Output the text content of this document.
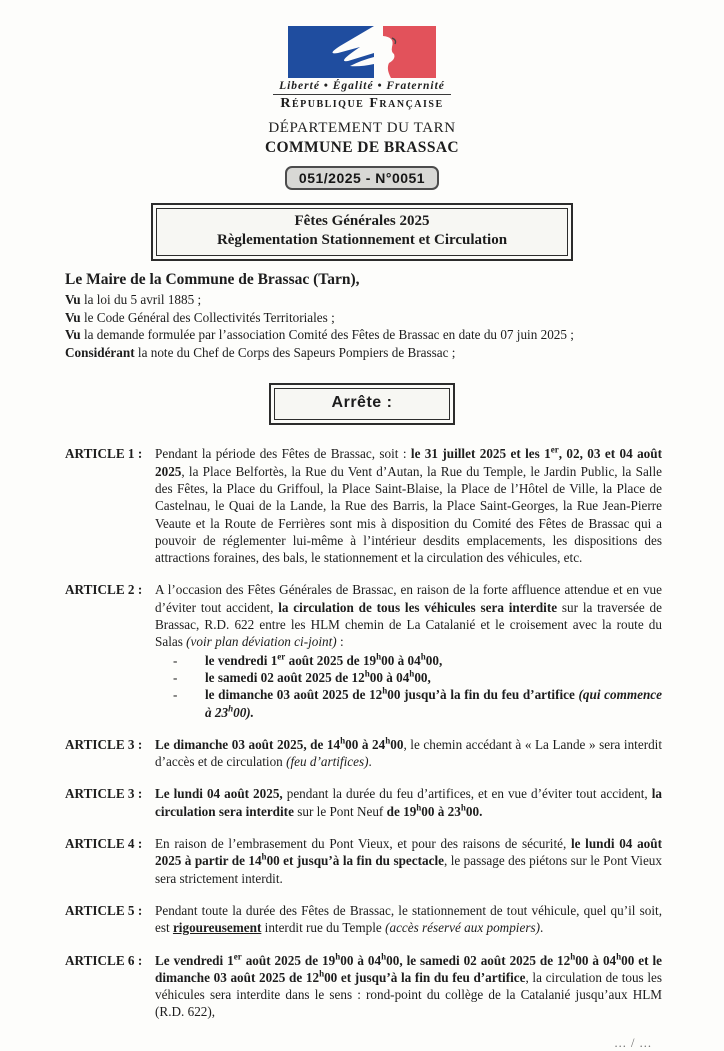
Liberté • Égalité • Fraternité
République Française
DÉPARTEMENT DU TARN
COMMUNE DE BRASSAC
051/2025 - N°0051
Fêtes Générales 2025
Règlementation Stationnement et Circulation
Le Maire de la Commune de Brassac (Tarn),
Vu la loi du 5 avril 1885 ;
Vu le Code Général des Collectivités Territoriales ;
Vu la demande formulée par l’association Comité des Fêtes de Brassac en date du 07 juin 2025 ;
Considérant la note du Chef de Corps des Sapeurs Pompiers de Brassac ;
Arrête :
ARTICLE 1 : Pendant la période des Fêtes de Brassac, soit : le 31 juillet 2025 et les 1er, 02, 03 et 04 août 2025, la Place Belfortès, la Rue du Vent d’Autan, la Rue du Temple, le Jardin Public, la Salle des Fêtes, la Place du Griffoul, la Place Saint-Blaise, la Place de l’Hôtel de Ville, la Place de Castelnau, le Quai de la Lande, la Rue des Barris, la Place Saint-Georges, la Rue Jean-Pierre Veaute et la Route de Ferrières sont mis à disposition du Comité des Fêtes de Brassac qui a pouvoir de réglementer lui-même à l’intérieur desdits emplacements, les dispositions des attractions foraines, des bals, le stationnement et la circulation des véhicules, etc.
ARTICLE 2 : A l’occasion des Fêtes Générales de Brassac, en raison de la forte affluence attendue et en vue d’éviter tout accident, la circulation de tous les véhicules sera interdite sur la traversée de Brassac, R.D. 622 entre les HLM chemin de La Catalanié et le croisement avec la route du Salas (voir plan déviation ci-joint) :
-	le vendredi 1er août 2025 de 19$^h$00 à 04$^h$00,
-	le samedi 02 août 2025 de 12$^h$00 à 04$^h$00,
-	le dimanche 03 août 2025 de 12$^h$00 jusqu’à la fin du feu d’artifice (qui commence à 23$^h$00).
ARTICLE 3 : Le dimanche 03 août 2025, de 14$^h$00 à 24$^h$00, le chemin accédant à « La Lande » sera interdit d’accès et de circulation (feu d’artifices).
ARTICLE 3 : Le lundi 04 août 2025, pendant la durée du feu d’artifices, et en vue d’éviter tout accident, la circulation sera interdite sur le Pont Neuf de 19$^h$00 à 23$^h$00.
ARTICLE 4 : En raison de l’embrasement du Pont Vieux, et pour des raisons de sécurité, le lundi 04 août 2025 à partir de 14$^h$00 et jusqu’à la fin du spectacle, le passage des piétons sur le Pont Vieux sera strictement interdit.
ARTICLE 5 : Pendant toute la durée des Fêtes de Brassac, le stationnement de tout véhicule, quel qu’il soit, est rigoureusement interdit rue du Temple (accès réservé aux pompiers).
ARTICLE 6 : Le vendredi 1er août 2025 de 19$^h$00 à 04$^h$00, le samedi 02 août 2025 de 12$^h$00 à 04$^h$00 et le dimanche 03 août 2025 de 12$^h$00 et jusqu’à la fin du feu d’artifice, la circulation de tous les véhicules sera interdite dans le sens : rond-point du collège de la Catalanié jusqu’aux HLM (R.D. 622),
... / ...
